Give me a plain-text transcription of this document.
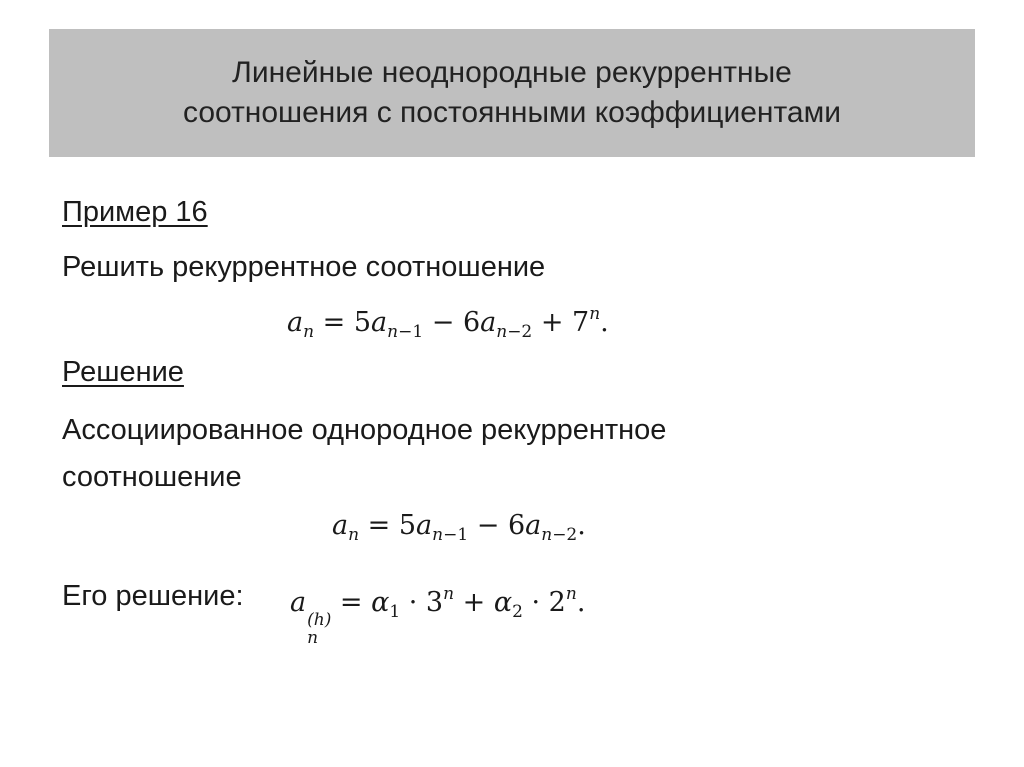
Линейные неоднородные рекуррентные
соотношения с постоянными коэффициентами
Пример 16
Решить рекуррентное соотношение
$a_n = 5a_{n-1} - 6a_{n-2} + 7^n$.
Решение
Ассоциированное однородное рекуррентное
соотношение
$a_n = 5a_{n-1} - 6a_{n-2}$.
Его решение: a
(h)
n
= $\alpha_1 \cdot 3^n + \alpha_2 \cdot 2^n$.
